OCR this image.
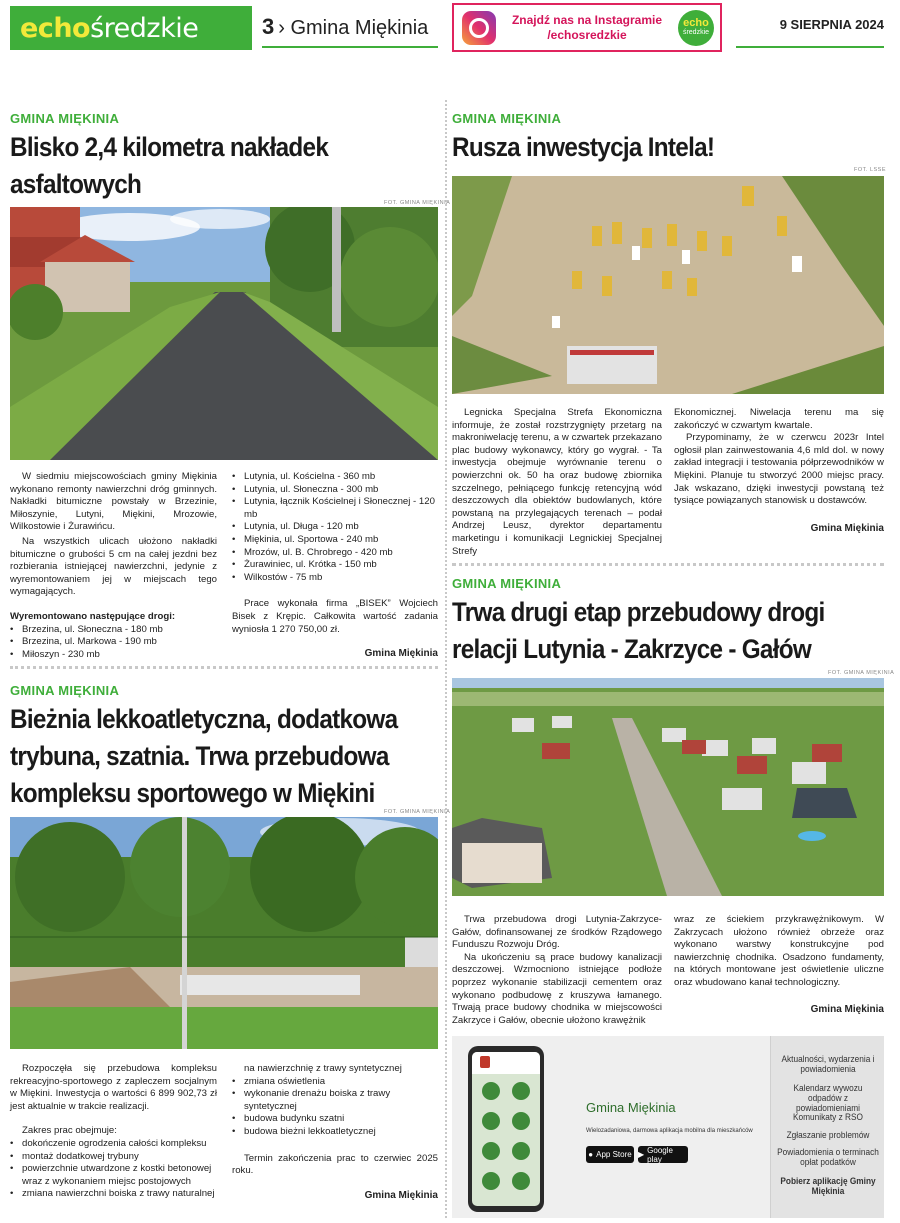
echo średzkie	3 › Gmina Miękinia	Znajdź nas na Instagramie
/echosredzkie
echo
średzkie
9 SIERPNIA 2024
GMINA MIĘKINIA
Blisko 2,4 kilometra nakładek asfaltowych
FOT. GMINA MIĘKINIA

W siedmiu miejscowościach gminy Miękinia wykonano remonty nawierzchni dróg gminnych. Nakładki bitumiczne powstały w Brzezinie, Miłoszynie, Lutyni, Miękini, Mrozowie, Wilkostowie i Żurawińcu.

Na wszystkich ulicach ułożono nakładki bitumiczne o grubości 5 cm na całej jezdni bez rozbierania istniejącej nawierzchni, jedynie z wyremontowaniem jej w miejscach tego wymagających.

Wyremontowano następujące drogi:

• Brzezina, ul. Słoneczna - 180 mb
• Brzezina, ul. Markowa - 190 mb
• Miłoszyn - 230 mb
• Lutynia, ul. Kościelna - 360 mb
• Lutynia, ul. Słoneczna - 300 mb
• Lutynia, łącznik Kościelnej i Słonecznej - 120 mb
• Lutynia, ul. Długa - 120 mb
• Miękinia, ul. Sportowa - 240 mb
• Mrozów, ul. B. Chrobrego - 420 mb
• Żurawiniec, ul. Krótka - 150 mb
• Wilkostów - 75 mb

Prace wykonała firma „BISEK” Wojciech Bisek z Krępic. Całkowita wartość zadania wyniosła 1 270 750,00 zł.

Gmina Miękinia
GMINA MIĘKINIA
Rusza inwestycja Intela!
FOT. LSSE

Legnicka Specjalna Strefa Ekonomiczna informuje, że został rozstrzygnięty przetarg na makroniwelację terenu, a w czwartek przekazano plac budowy wykonawcy, który go wygrał. - Ta inwestycja obejmuje wyrównanie terenu o powierzchni ok. 50 ha oraz budowę zbiornika szczelnego, pełniącego funkcję retencyjną wód deszczowych dla obiektów budowlanych, które powstaną na przylegających terenach – podał Andrzej Leusz, dyrektor departamentu marketingu i komunikacji Legnickiej Specjalnej Strefy

Ekonomicznej. Niwelacja terenu ma się zakończyć w czwartym kwartale.

Przypominamy, że w czerwcu 2023r Intel ogłosił plan zainwestowania 4,6 mld dol. w nowy zakład integracji i testowania półprzewodników w Miękini. Planuje tu stworzyć 2000 miejsc pracy. Jak wskazano, dzięki inwestycji powstaną też tysiące powiązanych stanowisk u dostawców.

Gmina Miękinia
GMINA MIĘKINIA
Bieżnia lekkoatletyczna, dodatkowa
trybuna, szatnia. Trwa przebudowa
kompleksu sportowego w Miękini
FOT. GMINA MIĘKINIA

Rozpoczęła się przebudowa kompleksu rekreacyjno-sportowego z zapleczem socjalnym w Miękini. Inwestycja o wartości 6 899 902,73 zł jest aktualnie w trakcie realizacji.

Zakres prac obejmuje:

• dokończenie ogrodzenia całości kompleksu
• montaż dodatkowej trybuny
• powierzchnie utwardzone z kostki betonowej wraz z wykonaniem miejsc postojowych
• zmiana nawierzchni boiska z trawy naturalnej

na nawierzchnię z trawy syntetycznej

• zmiana oświetlenia
• wykonanie drenażu boiska z trawy syntetycznej
• budowa budynku szatni
• budowa bieżni lekkoatletycznej

Termin zakończenia prac to czerwiec 2025 roku.

Gmina Miękinia
GMINA MIĘKINIA
Trwa drugi etap przebudowy drogi
relacji Lutynia - Zakrzyce - Gałów
FOT. GMINA MIĘKINIA

Trwa przebudowa drogi Lutynia-Zakrzyce-Gałów, dofinansowanej ze środków Rządowego Funduszu Rozwoju Dróg.

Na ukończeniu są prace budowy kanalizacji deszczowej. Wzmocniono istniejące podłoże poprzez wykonanie stabilizacji cementem oraz wykonano podbudowę z kruszywa łamanego. Trwają prace budowy chodnika w miejscowości Zakrzyce i Gałów, obecnie ułożono krawężnik

wraz ze ściekiem przykrawężnikowym. W Zakrzycach ułożono również obrzeże oraz wykonano warstwy konstrukcyjne pod nawierzchnię chodnika. Osadzono fundamenty, na których montowane jest oświetlenie uliczne oraz wbudowano kanał technologiczny.

Gmina Miękinia
Gmina Miękinia
Wielozadaniowa, darmowa aplikacja mobilna dla mieszkańców
● App Store ▶ Google play
Aktualności, wydarzenia i powiadomienia
Kalendarz wywozu odpadów z powiadomieniami
Komunikaty z RSO
Zgłaszanie problemów
Powiadomienia o terminach opłat podatków
Pobierz aplikację Gminy Miękinia
